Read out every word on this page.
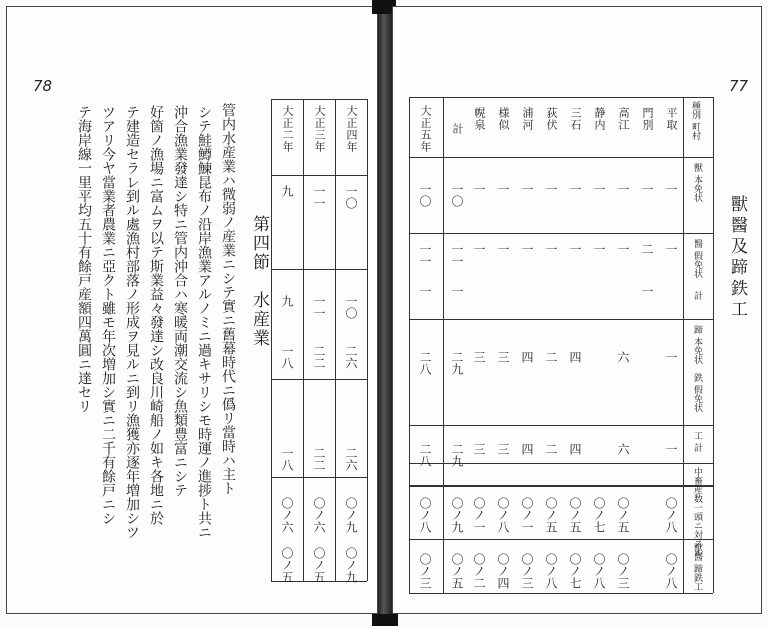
78
大正四年
大正三年
大正二年
一〇
一一
九
一〇
一一
九
二六
二二
一八
二六
二二
一八
〇ノ九
〇ノ六
〇ノ六
〇ノ九
〇ノ五
〇ノ五
第四節　水産業
管内水産業ハ微弱ノ産業ニシテ實ニ舊幕時代ニ僞リ當時ハ主ト
シテ鮭鱒鰊昆布ノ沿岸漁業アルノミニ過キサリシモ時運ノ進捗ト共ニ
沖合漁業發達シ特ニ管内沖合ハ寒暖両潮交流シ魚類豊富ニシテ
好箇ノ漁場ニ富ムヲ以テ斯業益々發達シ改良川崎船ノ如キ各地ニ於
テ建造セラレ到ル處漁村部落ノ形成ヲ見ルニ到リ漁獲亦逐年増加シツ
ツアリ今ヤ當業者農業ニ亞クト雖モ年次増加シ實ニ二千有餘戸ニシ
テ海岸線一里平均五十有餘戸産額四萬圓ニ達セリ
77
獸醫及蹄鉄工
種別 町村
平取
門別
高江
静内
三石
荻伏
浦河
様似
幌泉
計
大正五年
獸 本免状
醫 假免状
計
蹄 本免状
鉄 假免状
工 計
中畜産数一頭ニ対スル
獸醫 蹄鉄工
一
一
一
一
一
一
一
一
一
一〇
一〇
一
一
一
一
二
一
一
一
一
一
一
一
一一
一一
一
六
四
二
四
三
三
二九
二八
一
六
四
二
四
三
三
二九
二八
〇ノ八
〇ノ五
〇ノ七
〇ノ五
〇ノ五
〇ノ一
〇ノ八
〇ノ一
〇ノ九
〇ノ八
〇ノ八
〇ノ三
〇ノ八
〇ノ七
〇ノ八
〇ノ三
〇ノ四
〇ノ二
〇ノ五
〇ノ三
